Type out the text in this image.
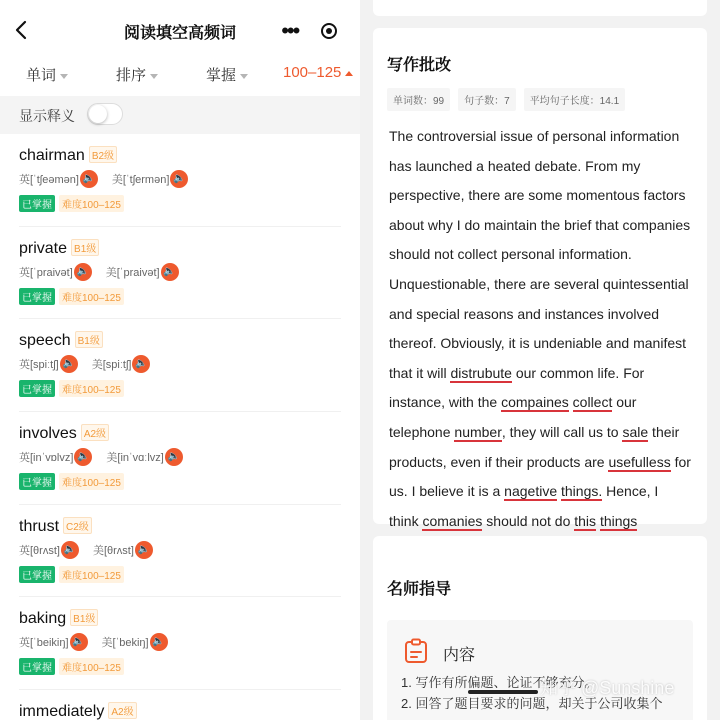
阅读填空高频词	•••
单词	排序	掌握	100–125
显示释义
chairman B2级
英[ˈtʃeəmən] 🔈 美[ˈtʃermən] 🔈
已掌握	难度100–125
private B1级
英[ˈpraivət] 🔈 美[ˈpraivət] 🔈
已掌握	难度100–125
speech B1级
英[spiːtʃ] 🔈 美[spiːtʃ] 🔈
已掌握	难度100–125
involves A2级
英[inˈvɒlvz] 🔈 美[inˈvɑːlvz] 🔈
已掌握	难度100–125
thrust C2级
英[θrʌst] 🔈 美[θrʌst] 🔈
已掌握	难度100–125
baking B1级
英[ˈbeikiŋ] 🔈 美[ˈbekiŋ] 🔈
已掌握	难度100–125
immediately A2级
写作批改
单词数：99	句子数：7	平均句子长度：14.1
The controversial issue of personal information
has launched a heated debate. From my
perspective, there are some momentous factors
about why I do maintain the brief that companies
should not collect personal information.
Unquestionable, there are several quintessential
and special reasons and instances involved
thereof. Obviously, it is undeniable and manifest
that it will distrubute our common life. For
instance, with the compaines collect our
telephone number, they will call us to sale their
products, even if their products are usefulless for
us. I believe it is a nagetive things. Hence, I
think comanies should not do this things
名师指导
内容
1. 写作有所偏题、论证不够充分。
2. 回答了题目要求的问题，却关于公司收集个
知乎 @Sunshine
